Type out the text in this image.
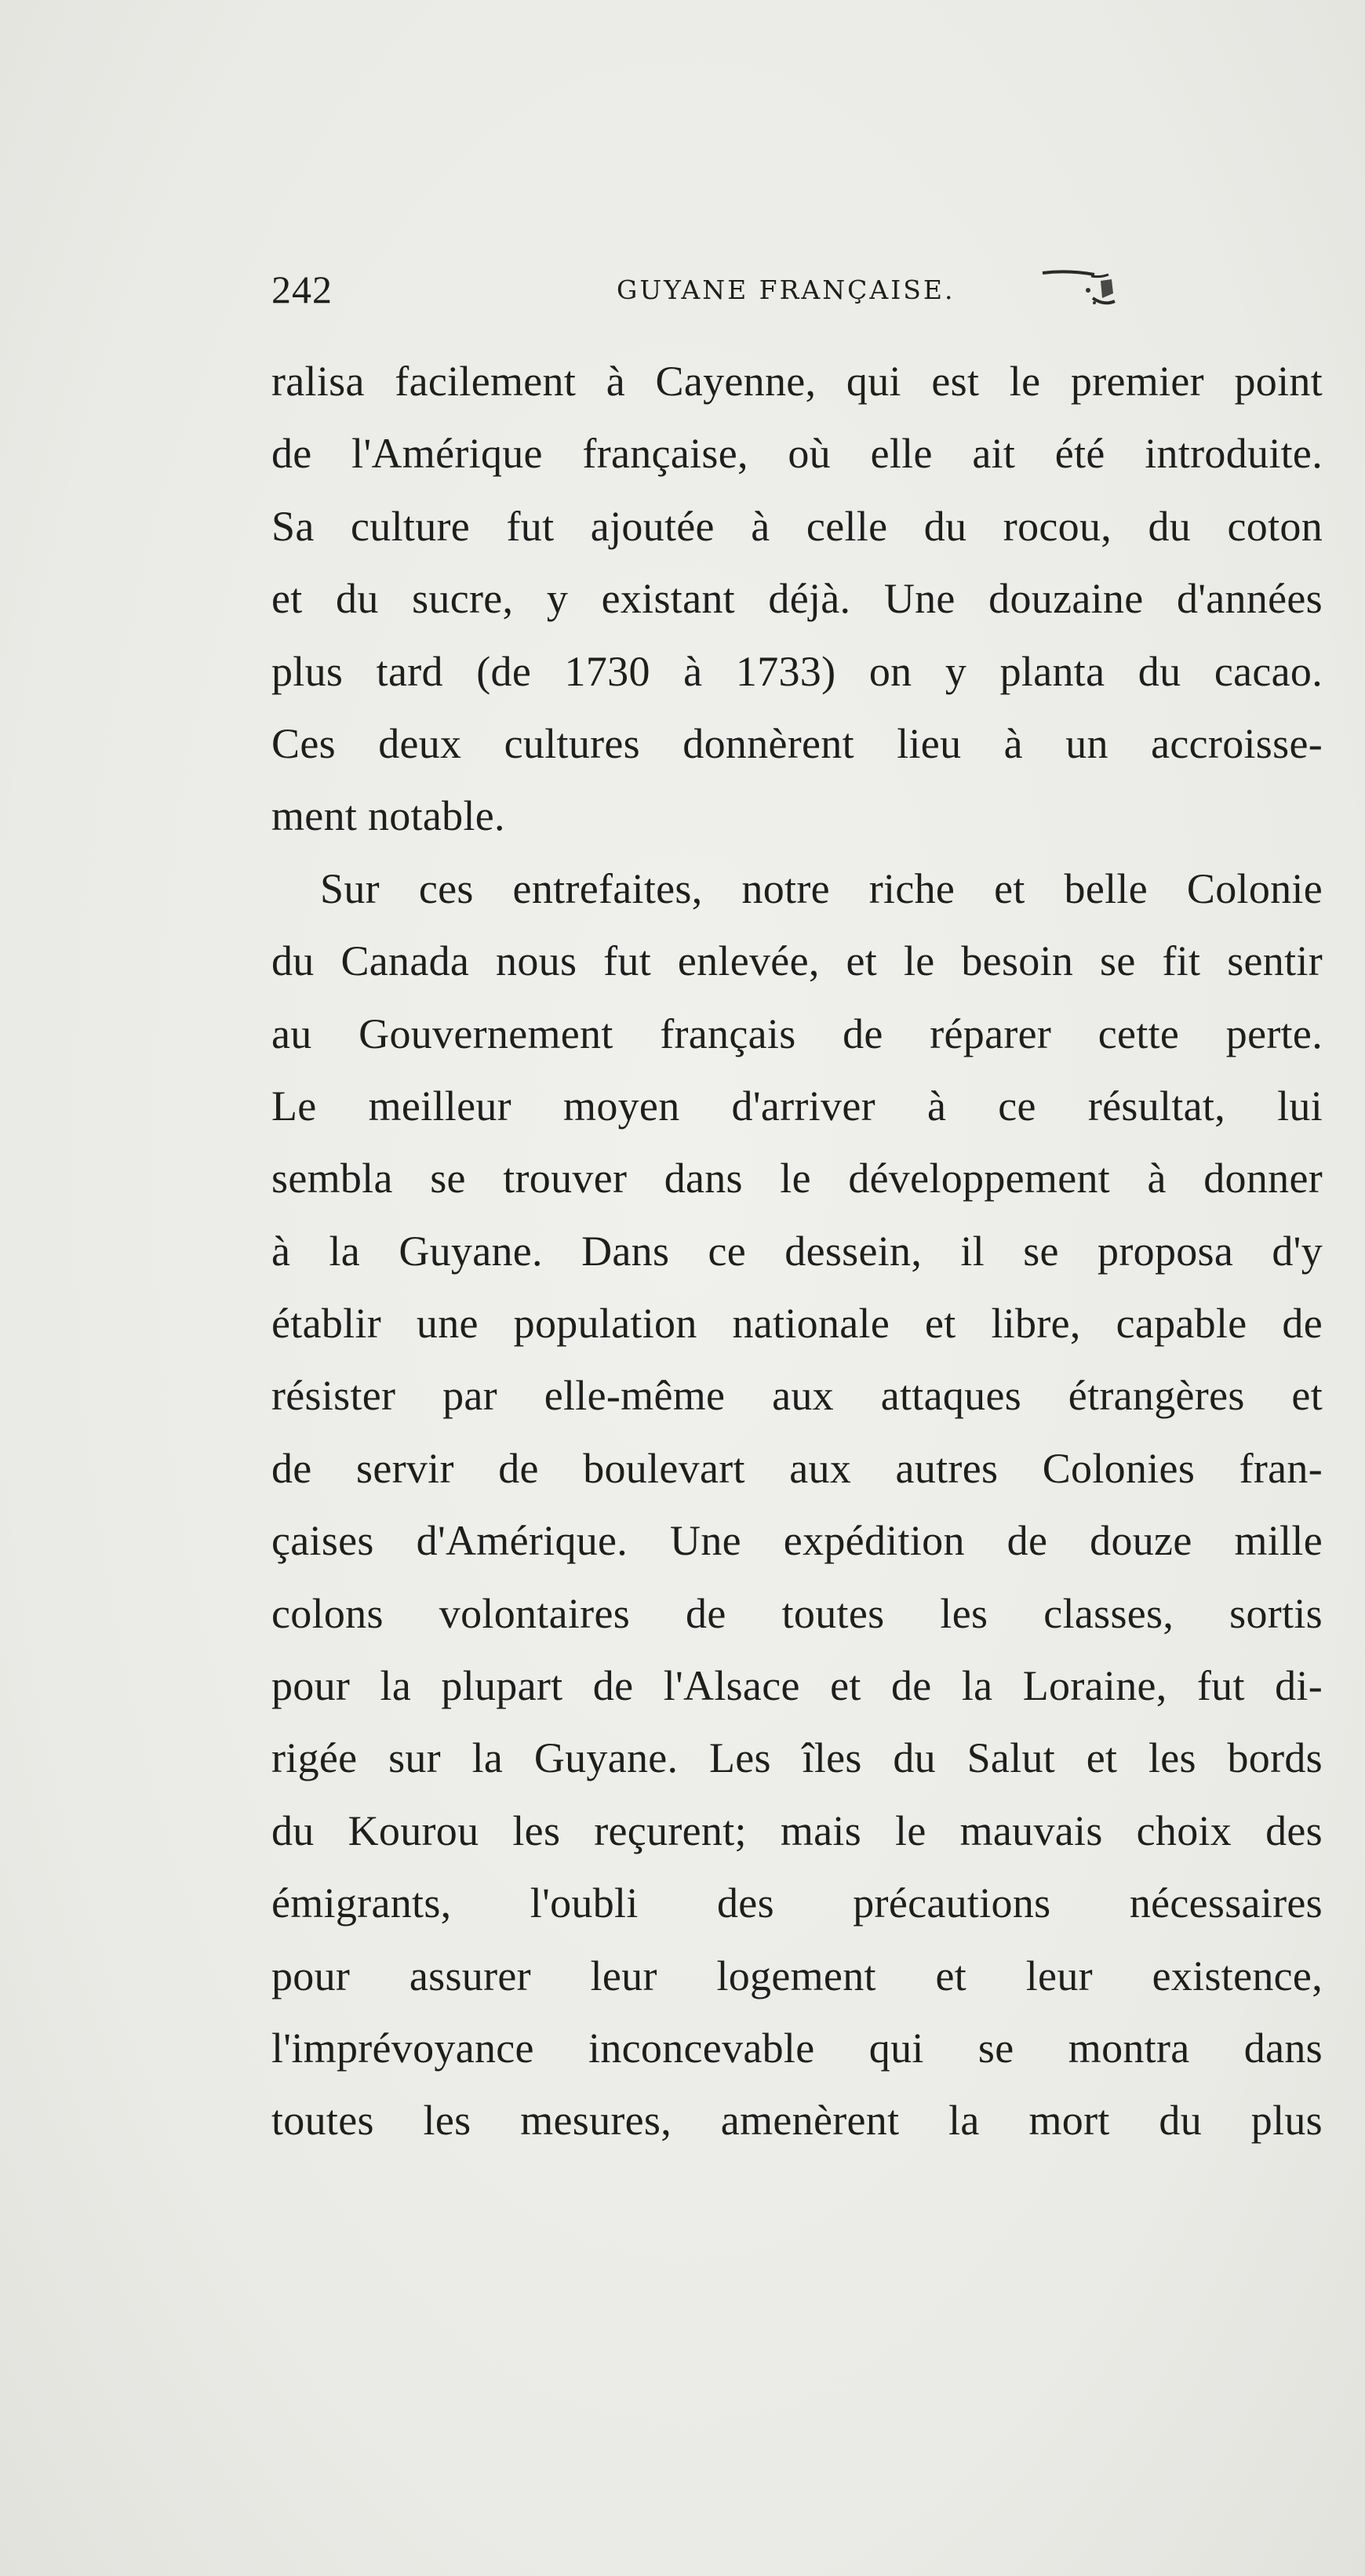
242	GUYANE FRANÇAISE.
ralisa facilement à Cayenne, qui est le premier point
de l'Amérique française, où elle ait été introduite.
Sa culture fut ajoutée à celle du rocou, du coton
et du sucre, y existant déjà. Une douzaine d'années
plus tard (de 1730 à 1733) on y planta du cacao.
Ces deux cultures donnèrent lieu à un accroisse-
ment notable.
Sur ces entrefaites, notre riche et belle Colonie
du Canada nous fut enlevée, et le besoin se fit sentir
au Gouvernement français de réparer cette perte.
Le meilleur moyen d'arriver à ce résultat, lui
sembla se trouver dans le développement à donner
à la Guyane. Dans ce dessein, il se proposa d'y
établir une population nationale et libre, capable de
résister par elle-même aux attaques étrangères et
de servir de boulevart aux autres Colonies fran-
çaises d'Amérique. Une expédition de douze mille
colons volontaires de toutes les classes, sortis
pour la plupart de l'Alsace et de la Loraine, fut di-
rigée sur la Guyane. Les îles du Salut et les bords
du Kourou les reçurent; mais le mauvais choix des
émigrants, l'oubli des précautions nécessaires
pour assurer leur logement et leur existence,
l'imprévoyance inconcevable qui se montra dans
toutes les mesures, amenèrent la mort du plus
